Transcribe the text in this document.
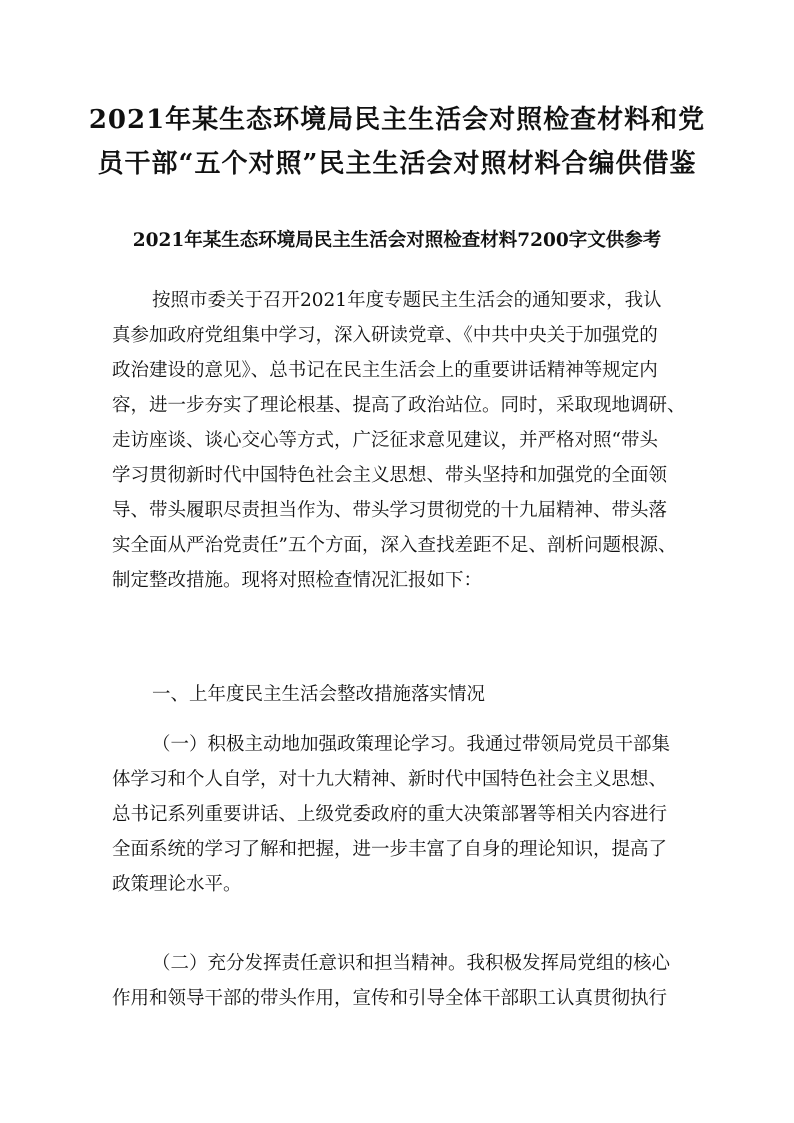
2021年某生态环境局民主生活会对照检查材料和党
员干部“五个对照”民主生活会对照材料合编供借鉴
2021年某生态环境局民主生活会对照检查材料7200字文供参考
按照市委关于召开2021年度专题民主生活会的通知要求，我认
真参加政府党组集中学习，深入研读党章、《中共中央关于加强党的
政治建设的意见》、总书记在民主生活会上的重要讲话精神等规定内
容，进一步夯实了理论根基、提高了政治站位。同时，采取现地调研、
走访座谈、谈心交心等方式，广泛征求意见建议，并严格对照“带头
学习贯彻新时代中国特色社会主义思想、带头坚持和加强党的全面领
导、带头履职尽责担当作为、带头学习贯彻党的十九届精神、带头落
实全面从严治党责任”五个方面，深入查找差距不足、剖析问题根源、
制定整改措施。现将对照检查情况汇报如下：
一、上年度民主生活会整改措施落实情况
（一）积极主动地加强政策理论学习。我通过带领局党员干部集
体学习和个人自学，对十九大精神、新时代中国特色社会主义思想、
总书记系列重要讲话、上级党委政府的重大决策部署等相关内容进行
全面系统的学习了解和把握，进一步丰富了自身的理论知识，提高了
政策理论水平。
（二）充分发挥责任意识和担当精神。我积极发挥局党组的核心
作用和领导干部的带头作用，宣传和引导全体干部职工认真贯彻执行
